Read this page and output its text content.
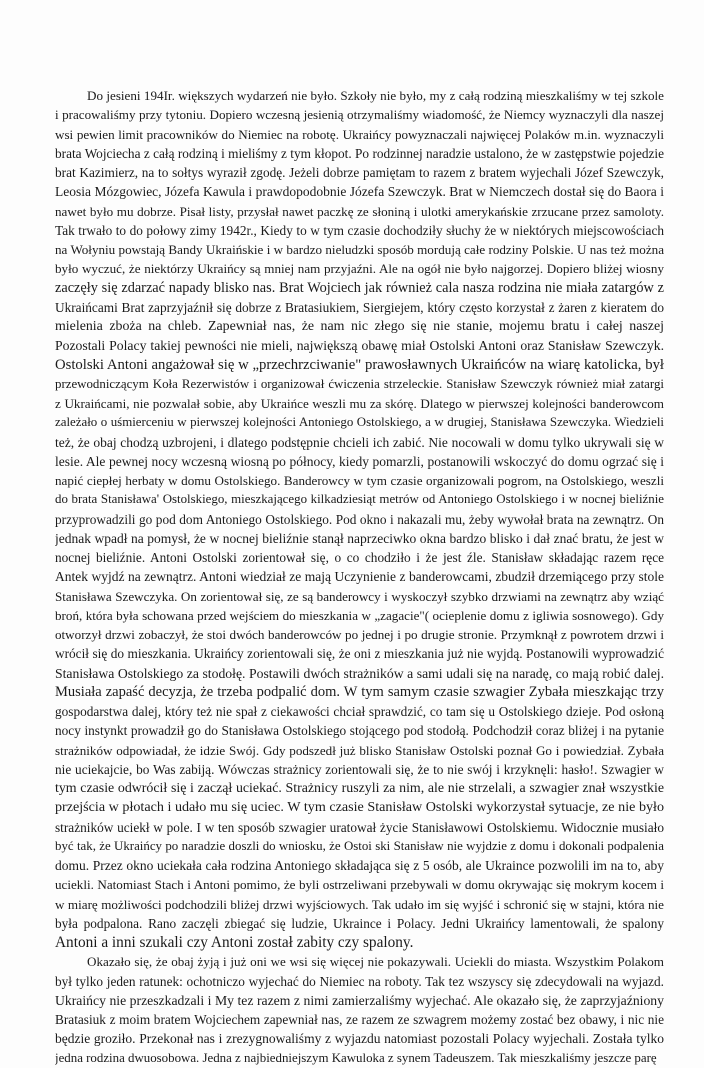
Do jesieni 194Ir. większych wydarzeń nie było. Szkoły nie było, my z całą rodziną mieszkaliśmy w tej szkole
i pracowaliśmy przy tytoniu. Dopiero wczesną jesienią otrzymaliśmy wiadomość, że Niemcy wyznaczyli dla naszej
wsi pewien limit pracowników do Niemiec na robotę. Ukraińcy powyznaczali najwięcej Polaków m.in. wyznaczyli
brata Wojciecha z całą rodziną i mieliśmy z tym kłopot. Po rodzinnej naradzie ustalono, że w zastępstwie pojedzie
brat Kazimierz, na to sołtys wyraził zgodę. Jeżeli dobrze pamiętam to razem z bratem wyjechali Józef Szewczyk,
Leosia Mózgowiec, Józefa Kawula i prawdopodobnie Józefa Szewczyk. Brat w Niemczech dostał się do Baora i
nawet było mu dobrze. Pisał listy, przysłał nawet paczkę ze słoniną i ulotki amerykańskie zrzucane przez samoloty.
Tak trwało to do połowy zimy 1942r., Kiedy to w tym czasie dochodziły słuchy że w niektórych miejscowościach
na Wołyniu powstają Bandy Ukraińskie i w bardzo nieludzki sposób mordują całe rodziny Polskie. U nas też można
było wyczuć, że niektórzy Ukraińcy są mniej nam przyjaźni. Ale na ogół nie było najgorzej. Dopiero bliżej wiosny
zaczęły się zdarzać napady blisko nas. Brat Wojciech jak również cala nasza rodzina nie miała zatargów z
Ukraińcami Brat zaprzyjaźnił się dobrze z Bratasiukiem, Siergiejem, który często korzystał z żaren z kieratem do
mielenia zboża na chleb. Zapewniał nas, że nam nic złego się nie stanie, mojemu bratu i całej naszej
Pozostali Polacy takiej pewności nie mieli, największą obawę miał Ostolski Antoni oraz Stanisław Szewczyk.
Ostolski Antoni angażował się w „przechrzciwanie" prawosławnych Ukraińców na wiarę katolicka, był
przewodniczącym Koła Rezerwistów i organizował ćwiczenia strzeleckie. Stanisław Szewczyk również miał zatargi
z Ukraińcami, nie pozwalał sobie, aby Ukraińce weszli mu za skórę. Dlatego w pierwszej kolejności banderowcom
zależało o uśmierceniu w pierwszej kolejności Antoniego Ostolskiego, a w drugiej, Stanisława Szewczyka. Wiedzieli
też, że obaj chodzą uzbrojeni, i dlatego podstępnie chcieli ich zabić. Nie nocowali w domu tylko ukrywali się w
lesie. Ale pewnej nocy wczesną wiosną po północy, kiedy pomarzli, postanowili wskoczyć do domu ogrzać się i
napić ciepłej herbaty w domu Ostolskiego. Banderowcy w tym czasie organizowali pogrom, na Ostolskiego, weszli
do brata Stanisława' Ostolskiego, mieszkającego kilkadziesiąt metrów od Antoniego Ostolskiego i w nocnej bieliźnie
przyprowadzili go pod dom Antoniego Ostolskiego. Pod okno i nakazali mu, żeby wywołał brata na zewnątrz. On
jednak wpadł na pomysł, że w nocnej bieliźnie stanął naprzeciwko okna bardzo blisko i dał znać bratu, że jest w
nocnej bieliźnie. Antoni Ostolski zorientował się, o co chodziło i że jest źle. Stanisław składając razem ręce
Antek wyjdź na zewnątrz. Antoni wiedział ze mają Uczynienie z banderowcami, zbudził drzemiącego przy stole
Stanisława Szewczyka. On zorientował się, ze są banderowcy i wyskoczył szybko drzwiami na zewnątrz aby wziąć
broń, która była schowana przed wejściem do mieszkania w „zagacie"( ocieplenie domu z igliwia sosnowego). Gdy
otworzył drzwi zobaczył, że stoi dwóch banderowców po jednej i po drugie stronie. Przymknął z powrotem drzwi i
wrócił się do mieszkania. Ukraińcy zorientowali się, że oni z mieszkania już nie wyjdą. Postanowili wyprowadzić
Stanisława Ostolskiego za stodołę. Postawili dwóch strażników a sami udali się na naradę, co mają robić dalej.
Musiała zapaść decyzja, że trzeba podpalić dom. W tym samym czasie szwagier Zybała mieszkając trzy
gospodarstwa dalej, który też nie spał z ciekawości chciał sprawdzić, co tam się u Ostolskiego dzieje. Pod osłoną
nocy instynkt prowadził go do Stanisława Ostolskiego stojącego pod stodołą. Podchodził coraz bliżej i na pytanie
strażników odpowiadał, że idzie Swój. Gdy podszedł już blisko Stanisław Ostolski poznał Go i powiedział. Zybała
nie uciekajcie, bo Was zabiją. Wówczas strażnicy zorientowali się, że to nie swój i krzyknęli: hasło!. Szwagier w
tym czasie odwrócił się i zaczął uciekać. Strażnicy ruszyli za nim, ale nie strzelali, a szwagier znał wszystkie
przejścia w płotach i udało mu się uciec. W tym czasie Stanisław Ostolski wykorzystał sytuacje, ze nie było
strażników uciekł w pole. I w ten sposób szwagier uratował życie Stanisławowi Ostolskiemu. Widocznie musiało
być tak, że Ukraińcy po naradzie doszli do wniosku, że Ostoi ski Stanisław nie wyjdzie z domu i dokonali podpalenia
domu. Przez okno uciekała cała rodzina Antoniego składająca się z 5 osób, ale Ukraince pozwolili im na to, aby
uciekli. Natomiast Stach i Antoni pomimo, że byli ostrzeliwani przebywali w domu okrywając się mokrym kocem i
w miarę możliwości podchodzili bliżej drzwi wyjściowych. Tak udało im się wyjść i schronić się w stajni, która nie
była podpalona. Rano zaczęli zbiegać się ludzie, Ukraince i Polacy. Jedni Ukraińcy lamentowali, że spalony
Antoni a inni szukali czy Antoni został zabity czy spalony.
Okazało się, że obaj żyją i już oni we wsi się więcej nie pokazywali. Uciekli do miasta. Wszystkim Polakom
był tylko jeden ratunek: ochotniczo wyjechać do Niemiec na roboty. Tak tez wszyscy się zdecydowali na wyjazd.
Ukraińcy nie przeszkadzali i My tez razem z nimi zamierzaliśmy wyjechać. Ale okazało się, że zaprzyjaźniony
Bratasiuk z moim bratem Wojciechem zapewniał nas, ze razem ze szwagrem możemy zostać bez obawy, i nic nie
będzie groziło. Przekonał nas i zrezygnowaliśmy z wyjazdu natomiast pozostali Polacy wyjechali. Została tylko
jedna rodzina dwuosobowa. Jedna z najbiedniejszym Kawuloka z synem Tadeuszem. Tak mieszkaliśmy jeszcze parę
